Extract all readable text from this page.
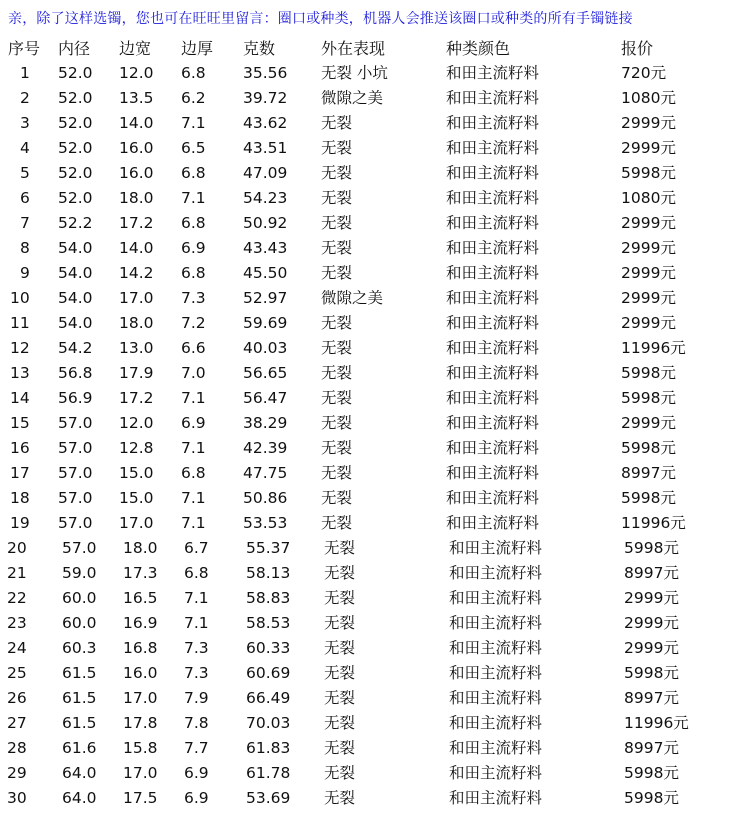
亲，除了这样选镯，您也可在旺旺里留言：圈口或种类，机器人会推送该圈口或种类的所有手镯链接
序号 内径 边宽 边厚 克数	外在表现	种类颜色	报价
1 52.0 12.0 6.8 35.56 无裂 小坑	和田主流籽料	720元
2 52.0 13.5 6.2 39.72 微隙之美	和田主流籽料	1080元
3 52.0 14.0 7.1 43.62 无裂	和田主流籽料	2999元
4 52.0 16.0 6.5 43.51 无裂	和田主流籽料	2999元
5 52.0 16.0 6.8 47.09 无裂	和田主流籽料	5998元
6 52.0 18.0 7.1 54.23 无裂	和田主流籽料	1080元
7 52.2 17.2 6.8 50.92 无裂	和田主流籽料	2999元
8 54.0 14.0 6.9 43.43 无裂	和田主流籽料	2999元
9 54.0 14.2 6.8 45.50 无裂	和田主流籽料	2999元
10 54.0 17.0 7.3 52.97 微隙之美	和田主流籽料	2999元
11 54.0 18.0 7.2 59.69 无裂	和田主流籽料	2999元
12 54.2 13.0 6.6 40.03 无裂	和田主流籽料	11996元
13 56.8 17.9 7.0 56.65 无裂	和田主流籽料	5998元
14 56.9 17.2 7.1 56.47 无裂	和田主流籽料	5998元
15 57.0 12.0 6.9 38.29 无裂	和田主流籽料	2999元
16 57.0 12.8 7.1 42.39 无裂	和田主流籽料	5998元
17 57.0 15.0 6.8 47.75 无裂	和田主流籽料	8997元
18 57.0 15.0 7.1 50.86 无裂	和田主流籽料	5998元
19 57.0 17.0 7.1 53.53 无裂	和田主流籽料	11996元
20 57.0 18.0 6.7 55.37 无裂	和田主流籽料	5998元
21 59.0 17.3 6.8 58.13 无裂	和田主流籽料	8997元
22 60.0 16.5 7.1 58.83 无裂	和田主流籽料	2999元
23 60.0 16.9 7.1 58.53 无裂	和田主流籽料	2999元
24 60.3 16.8 7.3 60.33 无裂	和田主流籽料	2999元
25 61.5 16.0 7.3 60.69 无裂	和田主流籽料	5998元
26 61.5 17.0 7.9 66.49 无裂	和田主流籽料	8997元
27 61.5 17.8 7.8 70.03 无裂	和田主流籽料	11996元
28 61.6 15.8 7.7 61.83 无裂	和田主流籽料	8997元
29 64.0 17.0 6.9 61.78 无裂	和田主流籽料	5998元
30 64.0 17.5 6.9 53.69 无裂	和田主流籽料	5998元
